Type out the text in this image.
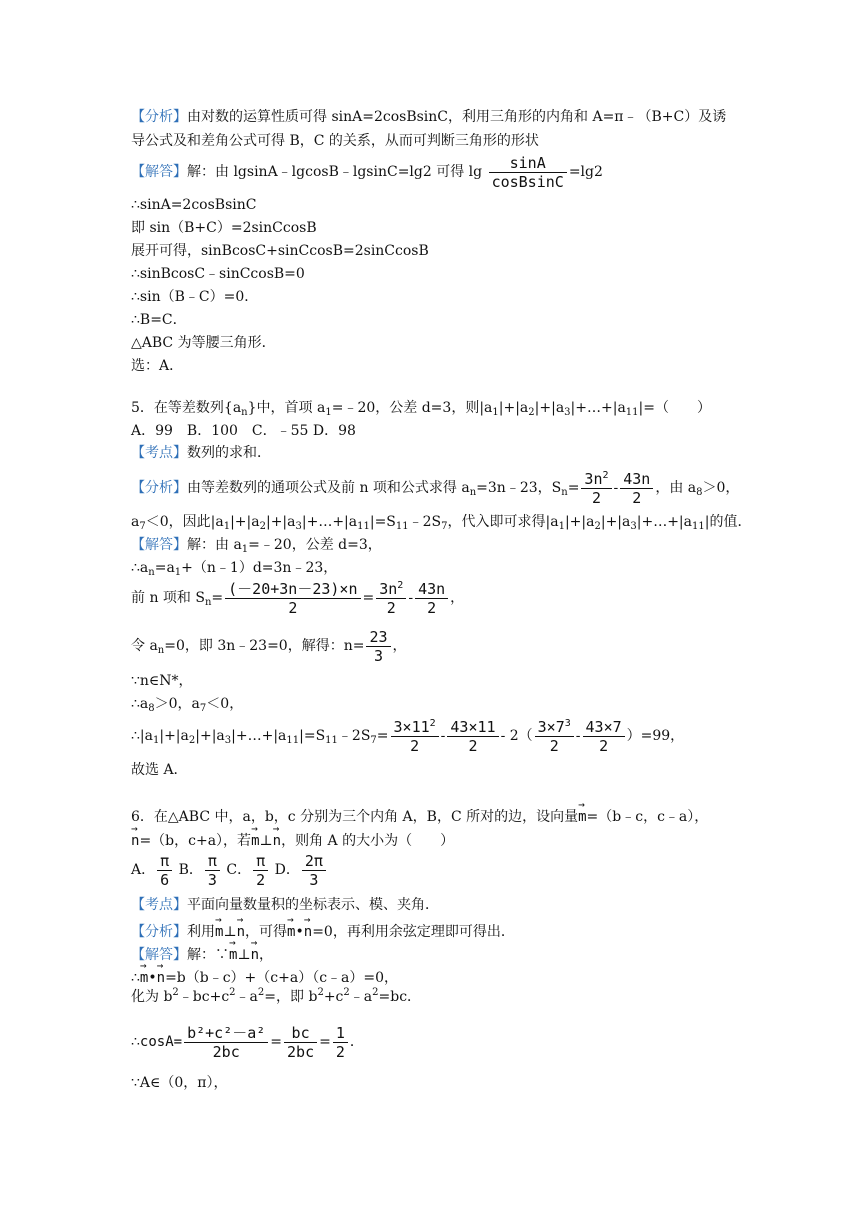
【分析】由对数的运算性质可得 sinA=2cosBsinC，利用三角形的内角和 A=π﹣（B+C）及诱
导公式及和差角公式可得 B，C 的关系，从而可判断三角形的形状
【解答】解：由 lgsinA﹣lgcosB﹣lgsinC=lg2 可得 $\lg \frac{\sin A}{\text{cosBsinC}} =\lg 2$
∴sinA=2cosBsinC
即 sin（B+C）=2sinCcosB
展开可得，sinBcosC+sinCcosB=2sinCcosB
∴sinBcosC﹣sinCcosB=0
∴sin（B﹣C）=0．
∴B=C．
△ABC 为等腰三角形．
选：A．
5．在等差数列$\{a_n\}$中，首项 $a_1=﹣20$，公差 d=3，则$|a_1|+|a_2|+|a_3|+\dots+|a_{11}|=$（　　）
A．99　B．100　C．﹣55 D．98
【考点】数列的求和．
【分析】由等差数列的通项公式及前 n 项和公式求得 $a_n=3n﹣23$，$S_n= \frac{3n^2}{2} - \frac{43n}{2}$ ，由 $a_8>0$，
$a_7<0$，因此$|a_1|+|a_2|+|a_3|+\dots+|a_{11}|=S_{11}﹣2S_7$，代入即可求得$|a_1|+|a_2|+|a_3|+\dots+|a_{11}|$的值．
【解答】解：由 $a_1=﹣20$，公差 d=3，
$\therefore a_n=a_1+(n﹣1)d=3n﹣23$，
前 n 项和 $S_n= \frac{(-20+3n-23)\times n}{2} = \frac{3n^2}{2} - \frac{43n}{2}$ ，
令 $a_n=0$，即 3n﹣23=0，解得：$n= \frac{23}{3}$ ，
∵n∈N*，
$\therefore a_8>0$，$a_7<0$，
$\therefore|a_1|+|a_2|+|a_3|+\dots+|a_{11}|=S_{11}﹣2S_7= \frac{3\times 11^2}{2} - \frac{43\times 11}{2} - 2( \frac{3\times 7^3}{2} - \frac{43\times 7}{2} )=99$，
故选 A．
6．在△ABC 中，a，b，c 分别为三个内角 A，B，C 所对的边，设向量→ m=（b﹣c，c﹣a），
→ n=（b，c+a），若→ m⊥→ n，则角 A 的大小为（　　）
A． $\frac{\pi}{6}$ B． $\frac{\pi}{3}$ C． $\frac{\pi}{2}$ D． $\frac{2\pi}{3}$
【考点】平面向量数量积的坐标表示、模、夹角．
【分析】利用→ m⊥→ n，可得→ m•→ n=0，再利用余弦定理即可得出．
【解答】解：∵→ m⊥→ n，
∴→ m•→ n=b（b﹣c）+（c+a）（c﹣a）=0，
化为 $b^2﹣bc+c^2﹣a^2=$，即 $b^2+c^2﹣a^2=bc$．
∴cosA= $\frac{\text{b²+c²－a²}}{2bc} = \frac{bc}{2bc} = \frac{1}{2}$ ．
∵A∈（0，π），
